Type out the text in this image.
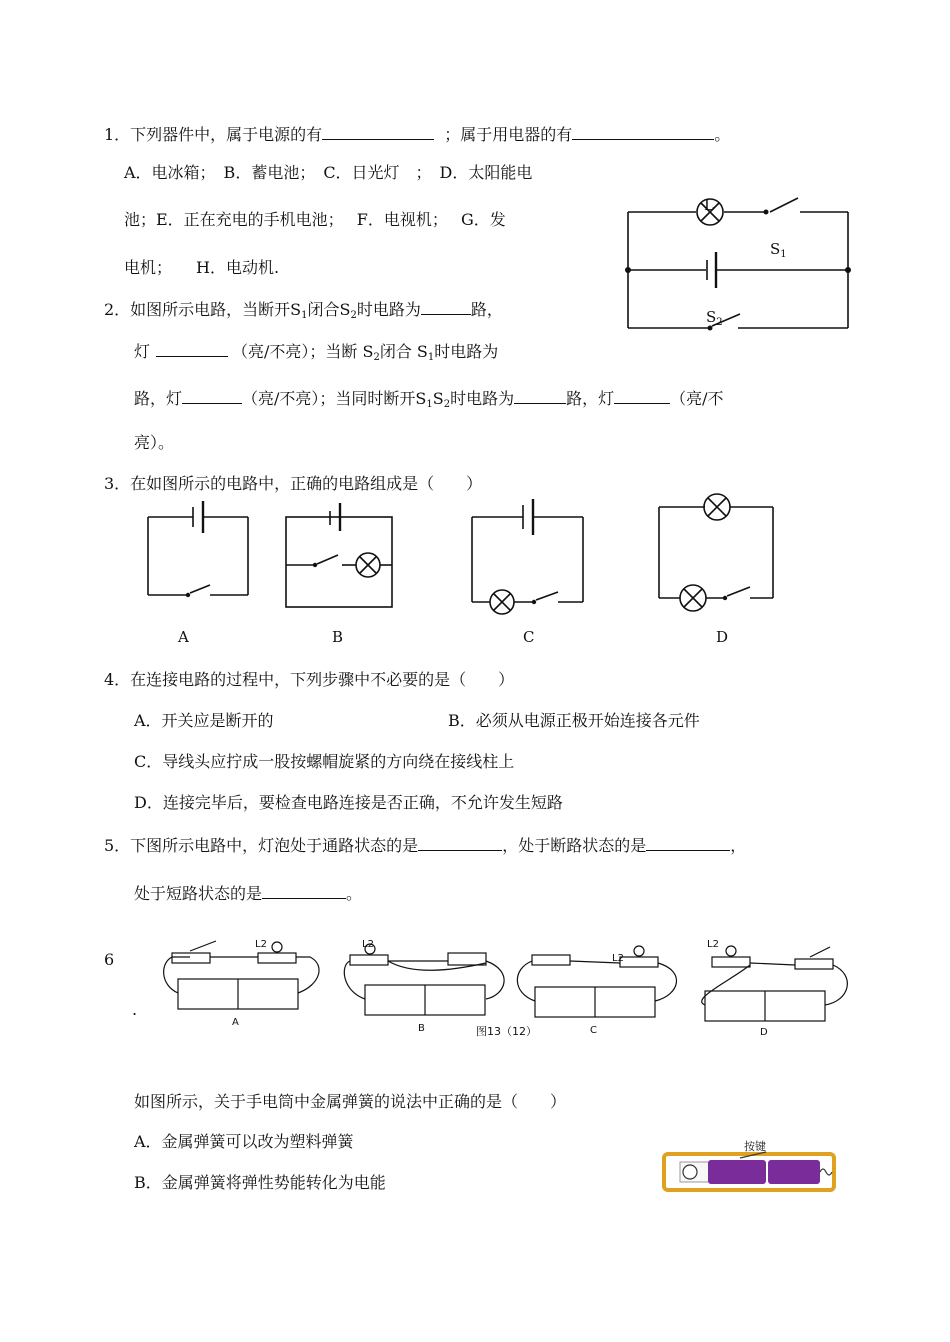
1．下列器件中，属于电源的有	；属于用电器的有	。
A．电冰箱；　B．蓄电池；　C．日光灯　；　D．太阳能电
池；E．正在充电的手机电池；　 F．电视机；　 G．发
电机；　　H．电动机.
L
$S_1$
$S_2$
2．如图所示电路，当断开$S_1$闭合$S_2$时电路为	路，
灯	（亮/不亮）；当断 $S_2$闭合 $S_1$时电路为
路，灯	（亮/不亮）；当同时断开$S_1S_2$时电路为	路，灯	（亮/不
亮）。
3．在如图所示的电路中，正确的电路组成是（　　）
A	B	C	D
4．在连接电路的过程中，下列步骤中不必要的是（　　）
A．开关应是断开的	B．必须从电源正极开始连接各元件
C．导线头应拧成一股按螺帽旋紧的方向绕在接线柱上
D．连接完毕后，要检查电路连接是否正确，不允许发生短路
5．下图所示电路中，灯泡处于通路状态的是	，处于断路状态的是	，
处于短路状态的是	。
6
.
L2	L2
L2
L2
A
B	C	D
图13（12）
如图所示，关于手电筒中金属弹簧的说法中正确的是（　　）
A．金属弹簧可以改为塑料弹簧
B．金属弹簧将弹性势能转化为电能
按键
